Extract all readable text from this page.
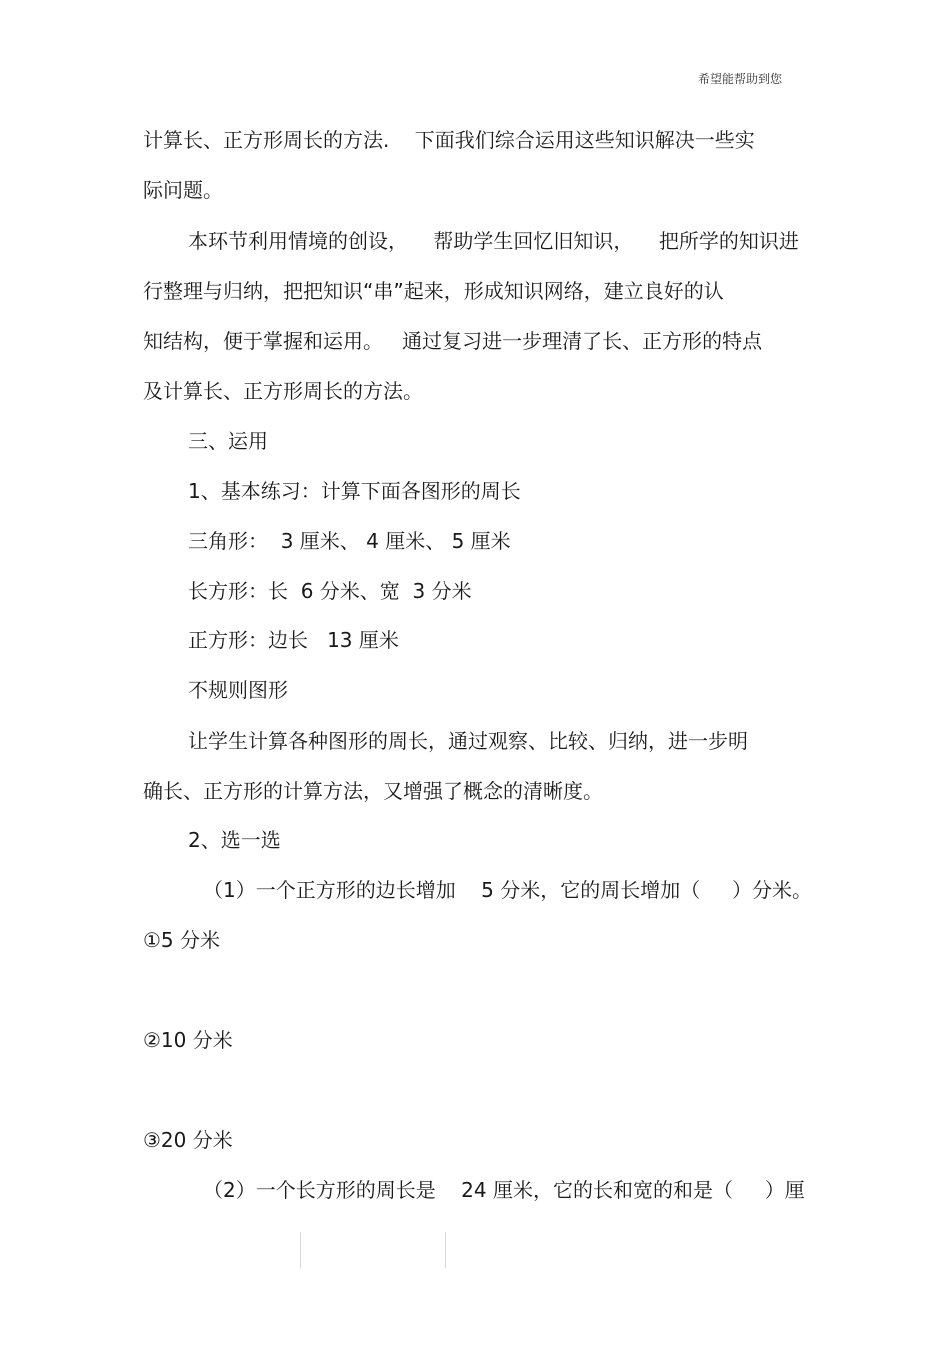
希望能帮助到您
计算长、正方形周长的方法.    下面我们综合运用这些知识解决一些实
际问题。
本环节利用情境的创设，    帮助学生回忆旧知识，    把所学的知识进
行整理与归纳，把把知识“串”起来，形成知识网络，建立良好的认
知结构，便于掌握和运用。   通过复习进一步理清了长、正方形的特点
及计算长、正方形周长的方法。
三、运用
1、基本练习：计算下面各图形的周长
三角形：  3 厘米、 4 厘米、 5 厘米
长方形：长  6 分米、宽  3 分米
正方形：边长   13 厘米
不规则图形
让学生计算各种图形的周长，通过观察、比较、归纳，进一步明
确长、正方形的计算方法，又增强了概念的清晰度。
2、选一选
（1）一个正方形的边长增加    5 分米，它的周长增加（     ）分米。
①5 分米
②10 分米
③20 分米
（2）一个长方形的周长是    24 厘米，它的长和宽的和是（     ）厘
